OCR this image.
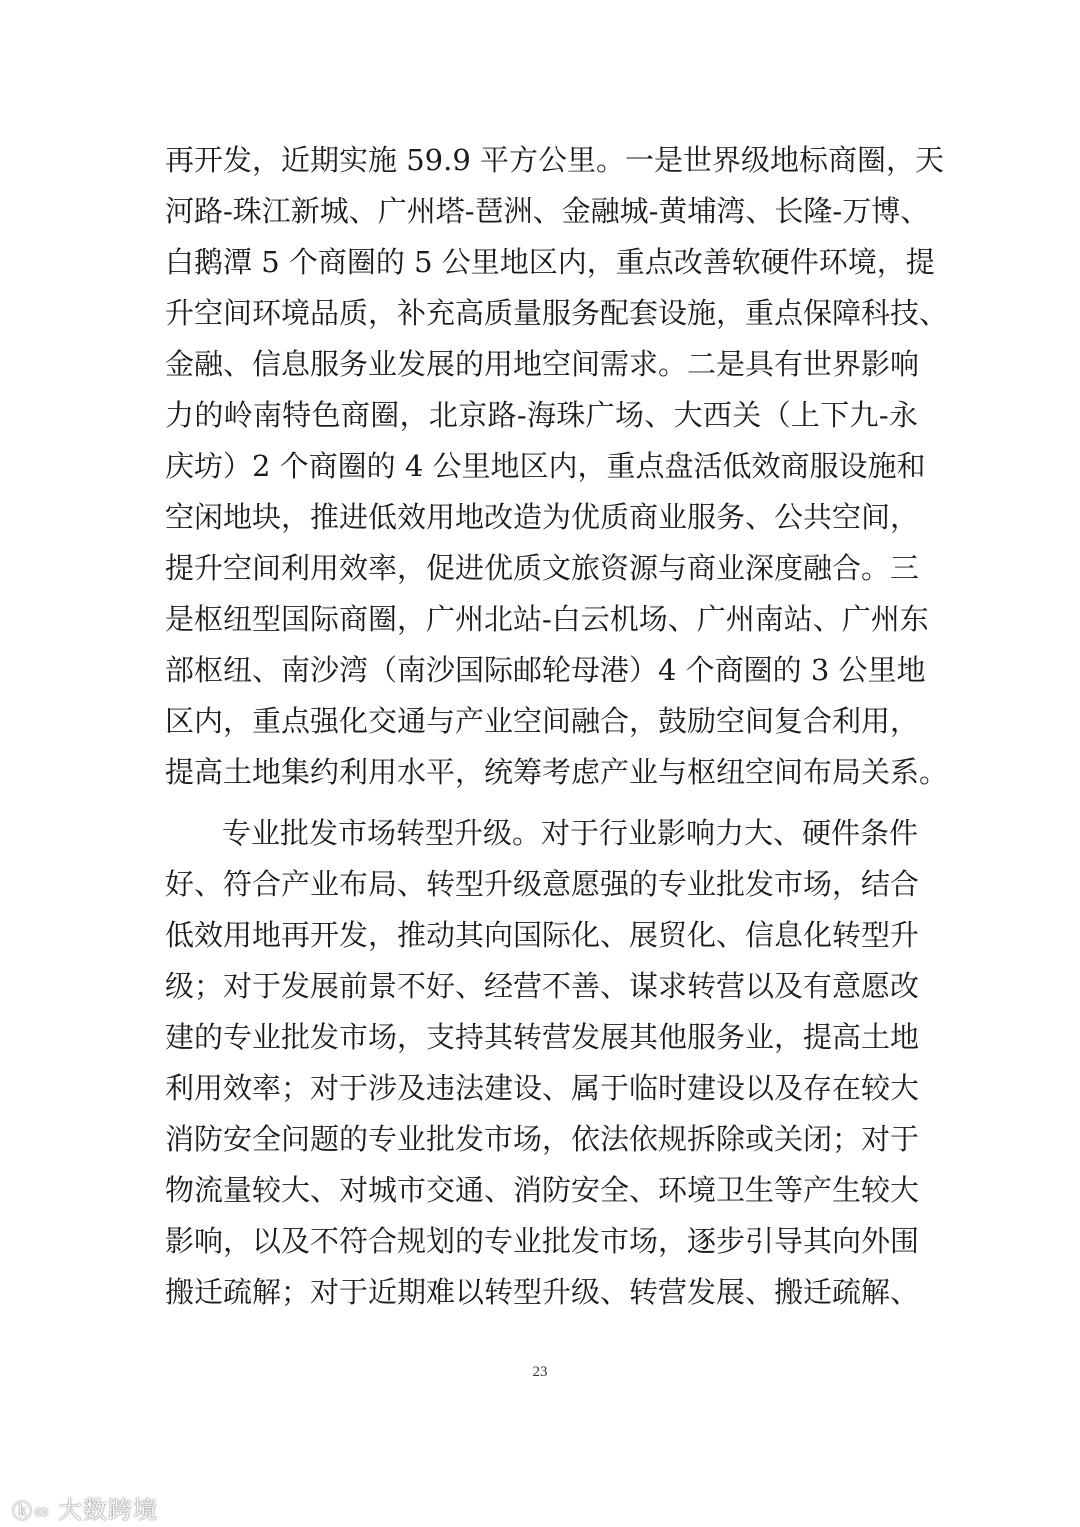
再开发，近期实施 59.9 平方公里。一是世界级地标商圈，天
河路-珠江新城、广州塔-琶洲、金融城-黄埔湾、长隆-万博、
白鹅潭 5 个商圈的 5 公里地区内，重点改善软硬件环境，提
升空间环境品质，补充高质量服务配套设施，重点保障科技、
金融、信息服务业发展的用地空间需求。二是具有世界影响
力的岭南特色商圈，北京路-海珠广场、大西关（上下九-永
庆坊）2 个商圈的 4 公里地区内，重点盘活低效商服设施和
空闲地块，推进低效用地改造为优质商业服务、公共空间，
提升空间利用效率，促进优质文旅资源与商业深度融合。三
是枢纽型国际商圈，广州北站-白云机场、广州南站、广州东
部枢纽、南沙湾（南沙国际邮轮母港）4 个商圈的 3 公里地
区内，重点强化交通与产业空间融合，鼓励空间复合利用，
提高土地集约利用水平，统筹考虑产业与枢纽空间布局关系。
专业批发市场转型升级。对于行业影响力大、硬件条件
好、符合产业布局、转型升级意愿强的专业批发市场，结合
低效用地再开发，推动其向国际化、展贸化、信息化转型升
级；对于发展前景不好、经营不善、谋求转营以及有意愿改
建的专业批发市场，支持其转营发展其他服务业，提高土地
利用效率；对于涉及违法建设、属于临时建设以及存在较大
消防安全问题的专业批发市场，依法依规拆除或关闭；对于
物流量较大、对城市交通、消防安全、环境卫生等产生较大
影响，以及不符合规划的专业批发市场，逐步引导其向外围
搬迁疏解；对于近期难以转型升级、转营发展、搬迁疏解、
23
ⓚ∞ 大数跨境
